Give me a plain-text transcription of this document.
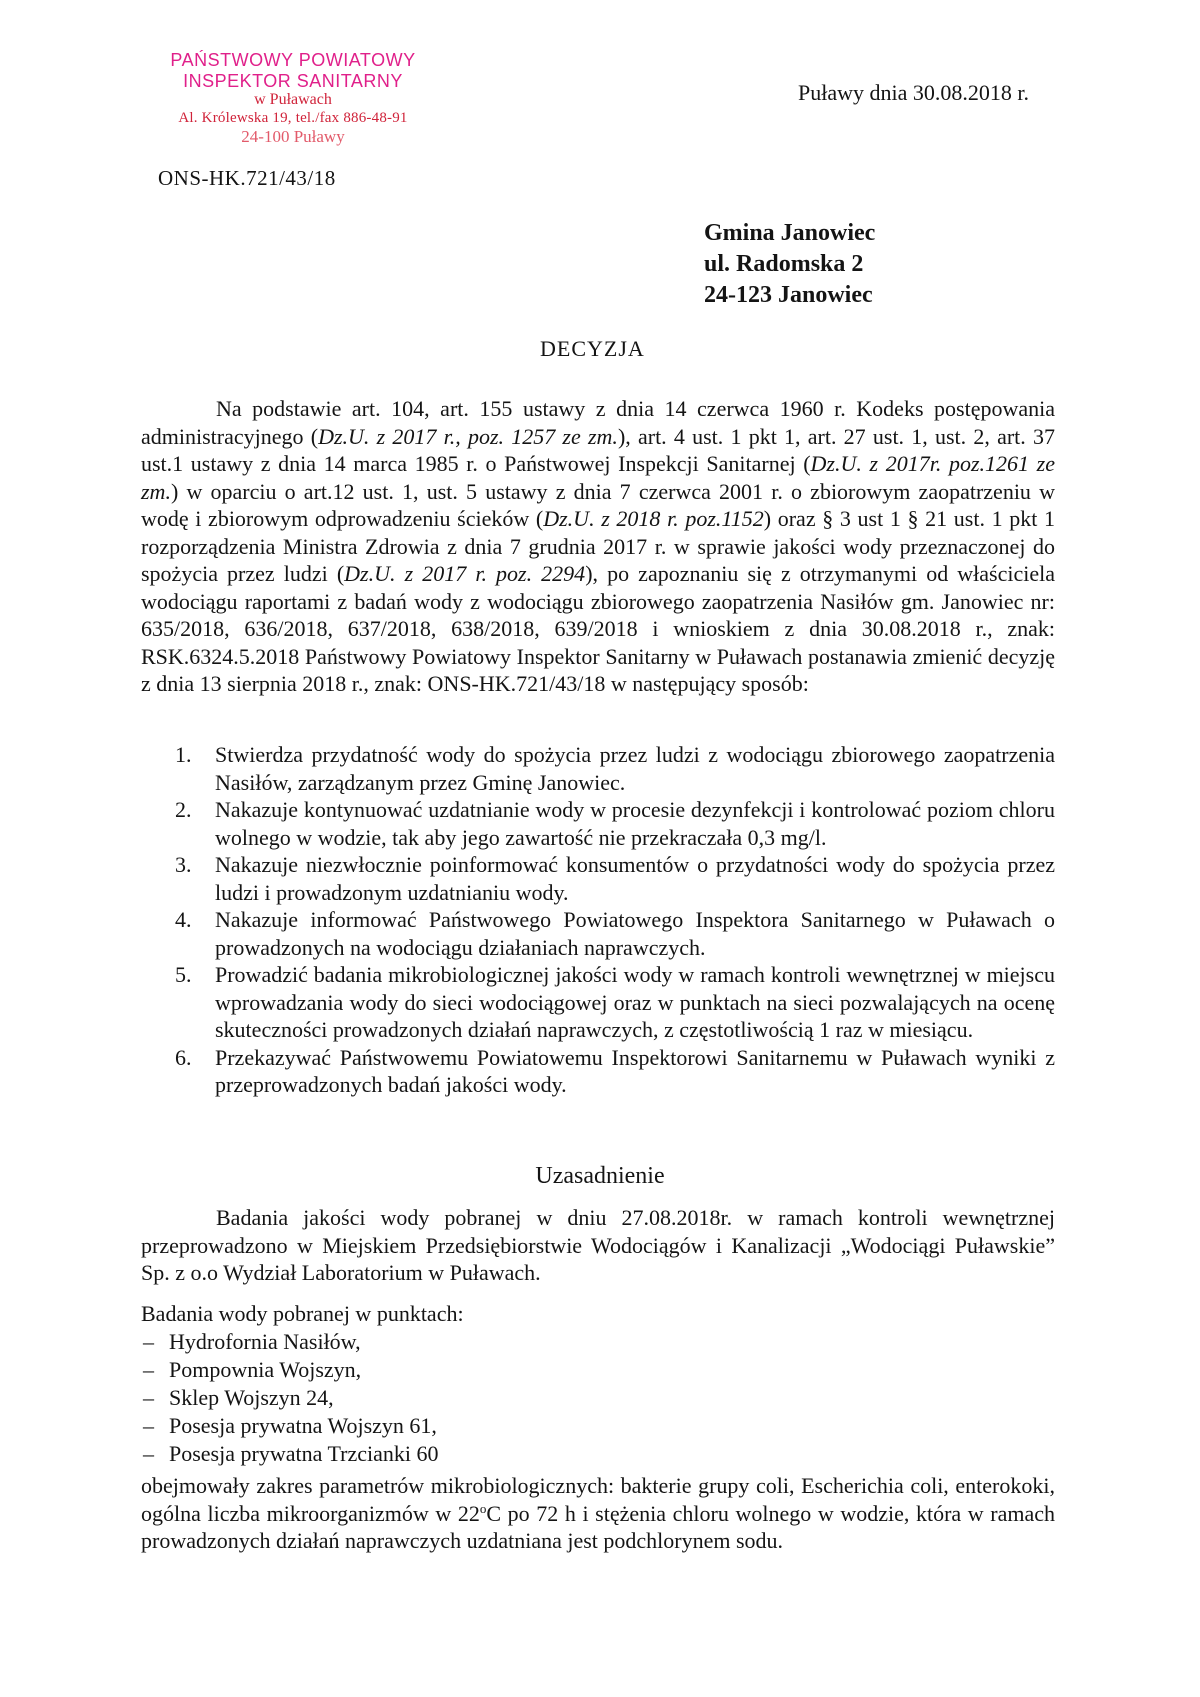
PAŃSTWOWY POWIATOWY
INSPEKTOR SANITARNY
w Puławach
Al. Królewska 19, tel./fax 886-48-91
24-100 Puławy
ONS-HK.721/43/18
Puławy dnia 30.08.2018 r.
Gmina Janowiec
ul. Radomska 2
24-123 Janowiec
DECYZJA
Na podstawie art. 104, art. 155 ustawy z dnia 14 czerwca 1960 r. Kodeks postępowania administracyjnego (Dz.U. z 2017 r., poz. 1257 ze zm.), art. 4 ust. 1 pkt 1, art. 27 ust. 1, ust. 2, art. 37 ust.1 ustawy z dnia 14 marca 1985 r. o Państwowej Inspekcji Sanitarnej (Dz.U. z 2017r. poz.1261 ze zm.) w oparciu o art.12 ust. 1, ust. 5 ustawy z dnia 7 czerwca 2001 r. o zbiorowym zaopatrzeniu w wodę i zbiorowym odprowadzeniu ścieków (Dz.U. z 2018 r. poz.1152) oraz § 3 ust 1 § 21 ust. 1 pkt 1 rozporządzenia Ministra Zdrowia z dnia 7 grudnia 2017 r. w sprawie jakości wody przeznaczonej do spożycia przez ludzi (Dz.U. z 2017 r. poz. 2294), po zapoznaniu się z otrzymanymi od właściciela wodociągu raportami z badań wody z wodociągu zbiorowego zaopatrzenia Nasiłów gm. Janowiec nr: 635/2018, 636/2018, 637/2018, 638/2018, 639/2018 i wnioskiem z dnia 30.08.2018 r., znak: RSK.6324.5.2018 Państwowy Powiatowy Inspektor Sanitarny w Puławach postanawia zmienić decyzję z dnia 13 sierpnia 2018 r., znak: ONS-HK.721/43/18 w następujący sposób:
1. Stwierdza przydatność wody do spożycia przez ludzi z wodociągu zbiorowego zaopatrzenia Nasiłów, zarządzanym przez Gminę Janowiec.
2. Nakazuje kontynuować uzdatnianie wody w procesie dezynfekcji i kontrolować poziom chloru wolnego w wodzie, tak aby jego zawartość nie przekraczała 0,3 mg/l.
3. Nakazuje niezwłocznie poinformować konsumentów o przydatności wody do spożycia przez ludzi i prowadzonym uzdatnianiu wody.
4. Nakazuje informować Państwowego Powiatowego Inspektora Sanitarnego w Puławach o prowadzonych na wodociągu działaniach naprawczych.
5. Prowadzić badania mikrobiologicznej jakości wody w ramach kontroli wewnętrznej w miejscu wprowadzania wody do sieci wodociągowej oraz w punktach na sieci pozwalających na ocenę skuteczności prowadzonych działań naprawczych, z częstotliwością 1 raz w miesiącu.
6. Przekazywać Państwowemu Powiatowemu Inspektorowi Sanitarnemu w Puławach wyniki z przeprowadzonych badań jakości wody.
Uzasadnienie
Badania jakości wody pobranej w dniu 27.08.2018r. w ramach kontroli wewnętrznej przeprowadzono w Miejskiem Przedsiębiorstwie Wodociągów i Kanalizacji „Wodociągi Puławskie” Sp. z o.o Wydział Laboratorium w Puławach.
Badania wody pobranej w punktach:
– Hydrofornia Nasiłów,
– Pompownia Wojszyn,
– Sklep Wojszyn 24,
– Posesja prywatna Wojszyn 61,
– Posesja prywatna Trzcianki 60
obejmowały zakres parametrów mikrobiologicznych: bakterie grupy coli, Escherichia coli, enterokoki, ogólna liczba mikroorganizmów w 22$^o$C po 72 h i stężenia chloru wolnego w wodzie, która w ramach prowadzonych działań naprawczych uzdatniana jest podchlorynem sodu.
